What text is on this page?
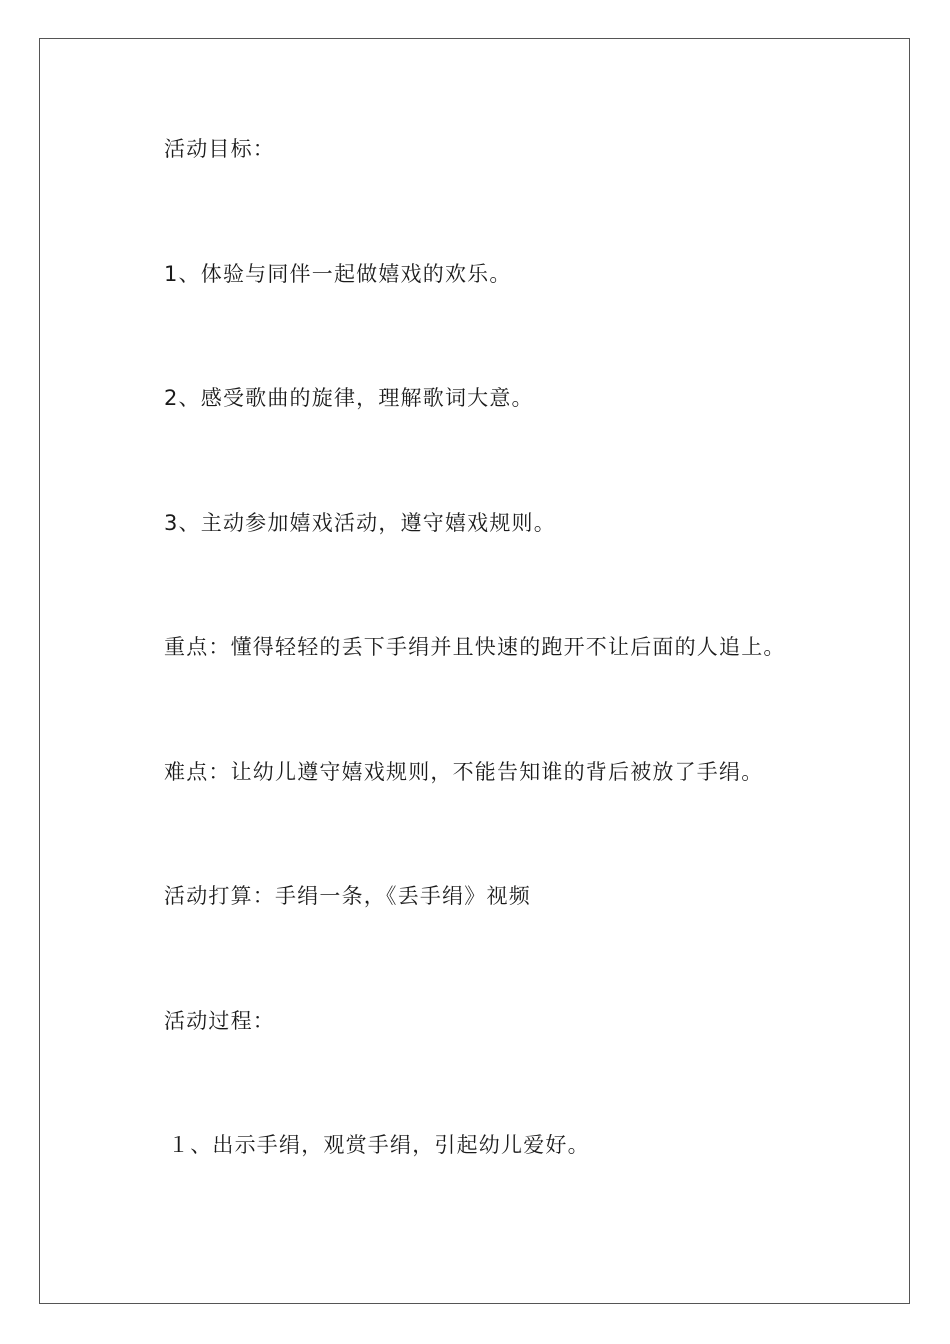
活动目标：
1、体验与同伴一起做嬉戏的欢乐。
2、感受歌曲的旋律，理解歌词大意。
3、主动参加嬉戏活动，遵守嬉戏规则。
重点：懂得轻轻的丢下手绢并且快速的跑开不让后面的人追上。
难点：让幼儿遵守嬉戏规则，不能告知谁的背后被放了手绢。
活动打算：手绢一条，《丢手绢》视频
活动过程：
１、出示手绢，观赏手绢，引起幼儿爱好。
